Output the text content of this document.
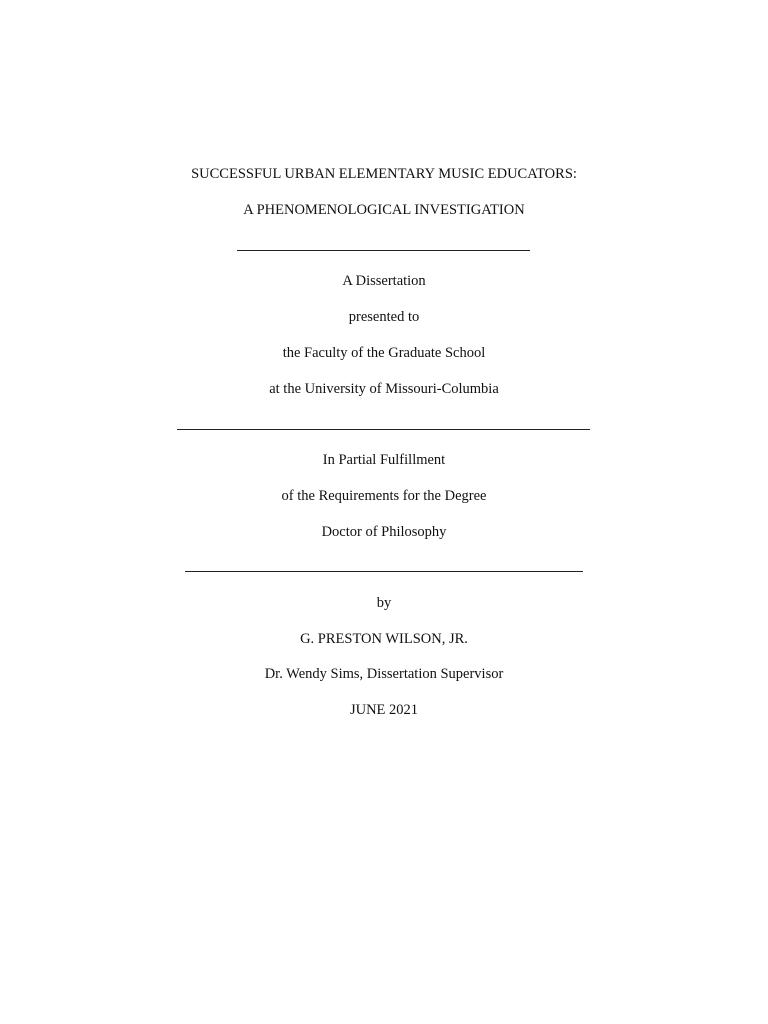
SUCCESSFUL URBAN ELEMENTARY MUSIC EDUCATORS:
A PHENOMENOLOGICAL INVESTIGATION
A Dissertation
presented to
the Faculty of the Graduate School
at the University of Missouri-Columbia
In Partial Fulfillment
of the Requirements for the Degree
Doctor of Philosophy
by
G. PRESTON WILSON, JR.
Dr. Wendy Sims, Dissertation Supervisor
JUNE 2021
